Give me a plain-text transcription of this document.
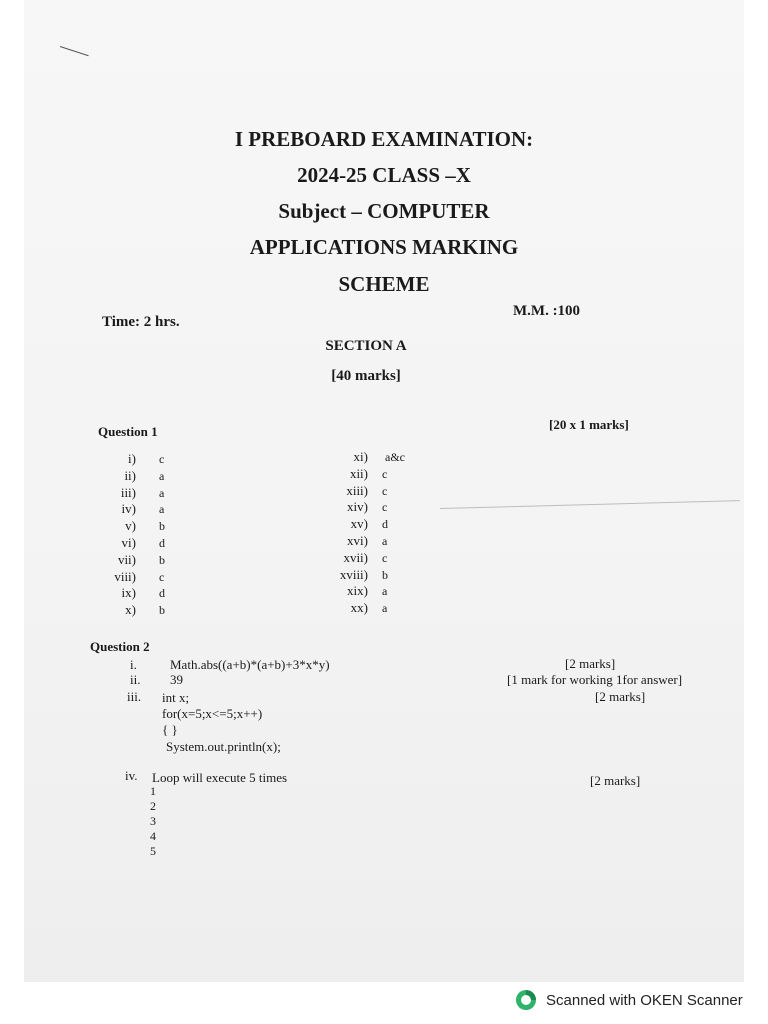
I PREBOARD EXAMINATION:
2024-25 CLASS –X
Subject – COMPUTER
APPLICATIONS MARKING
SCHEME
Time: 2 hrs.
M.M. :100
SECTION A
[40 marks]
Question 1	[20 x 1 marks]
i) c
ii) a
iii) a
iv) a
v) b
vi) d
vii) b
viii) c
ix) d
x) b
xi) a&c
xii) c
xiii) c
xiv) c
xv) d
xvi) a
xvii) c
xviii) b
xix) a
xx) a
Question 2
i.	Math.abs((a+b)*(a+b)+3*x*y)	[2 marks]
ii. 39	[1 mark for working 1for answer]
iii. int x;
for(x=5;x<=5;x++)
{ }
System.out.println(x);
[2 marks]
iv. Loop will execute 5 times	[2 marks]
1
2
3
4
5
Scanned with OKEN Scanner
